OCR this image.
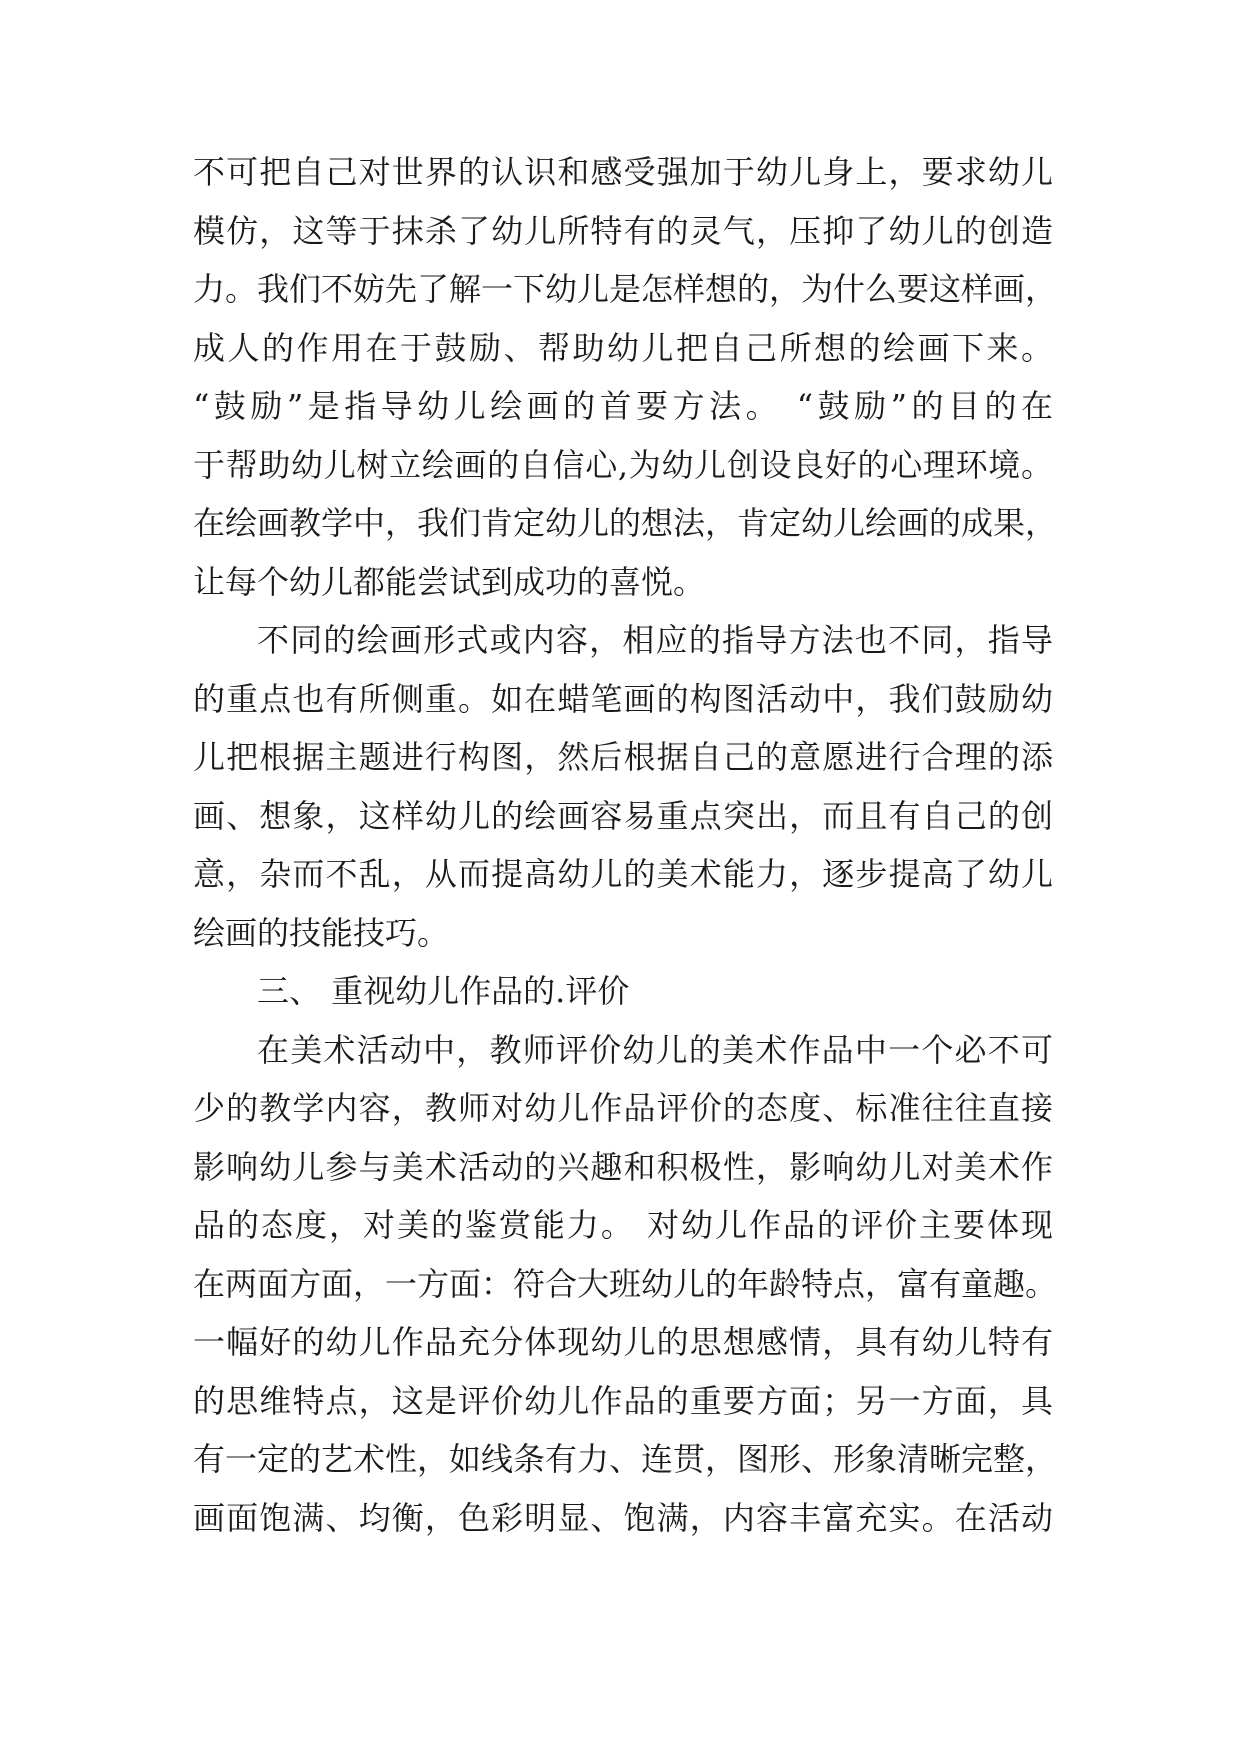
不可把自己对世界的认识和感受强加于幼儿身上，要求幼儿
模仿，这等于抹杀了幼儿所特有的灵气，压抑了幼儿的创造
力。我们不妨先了解一下幼儿是怎样想的，为什么要这样画，
成人的作用在于鼓励、帮助幼儿把自己所想的绘画下来。
“鼓励”是指导幼儿绘画的首要方法。 “鼓励”的目的在
于帮助幼儿树立绘画的自信心,为幼儿创设良好的心理环境。
在绘画教学中，我们肯定幼儿的想法，肯定幼儿绘画的成果，
让每个幼儿都能尝试到成功的喜悦。
不同的绘画形式或内容，相应的指导方法也不同，指导
的重点也有所侧重。如在蜡笔画的构图活动中，我们鼓励幼
儿把根据主题进行构图，然后根据自己的意愿进行合理的添
画、想象，这样幼儿的绘画容易重点突出，而且有自己的创
意，杂而不乱，从而提高幼儿的美术能力，逐步提高了幼儿
绘画的技能技巧。
三、 重视幼儿作品的.评价
在美术活动中，教师评价幼儿的美术作品中一个必不可
少的教学内容，教师对幼儿作品评价的态度、标准往往直接
影响幼儿参与美术活动的兴趣和积极性，影响幼儿对美术作
品的态度，对美的鉴赏能力。 对幼儿作品的评价主要体现
在两面方面，一方面：符合大班幼儿的年龄特点，富有童趣。
一幅好的幼儿作品充分体现幼儿的思想感情，具有幼儿特有
的思维特点，这是评价幼儿作品的重要方面；另一方面，具
有一定的艺术性，如线条有力、连贯，图形、形象清晰完整，
画面饱满、均衡，色彩明显、饱满，内容丰富充实。在活动
